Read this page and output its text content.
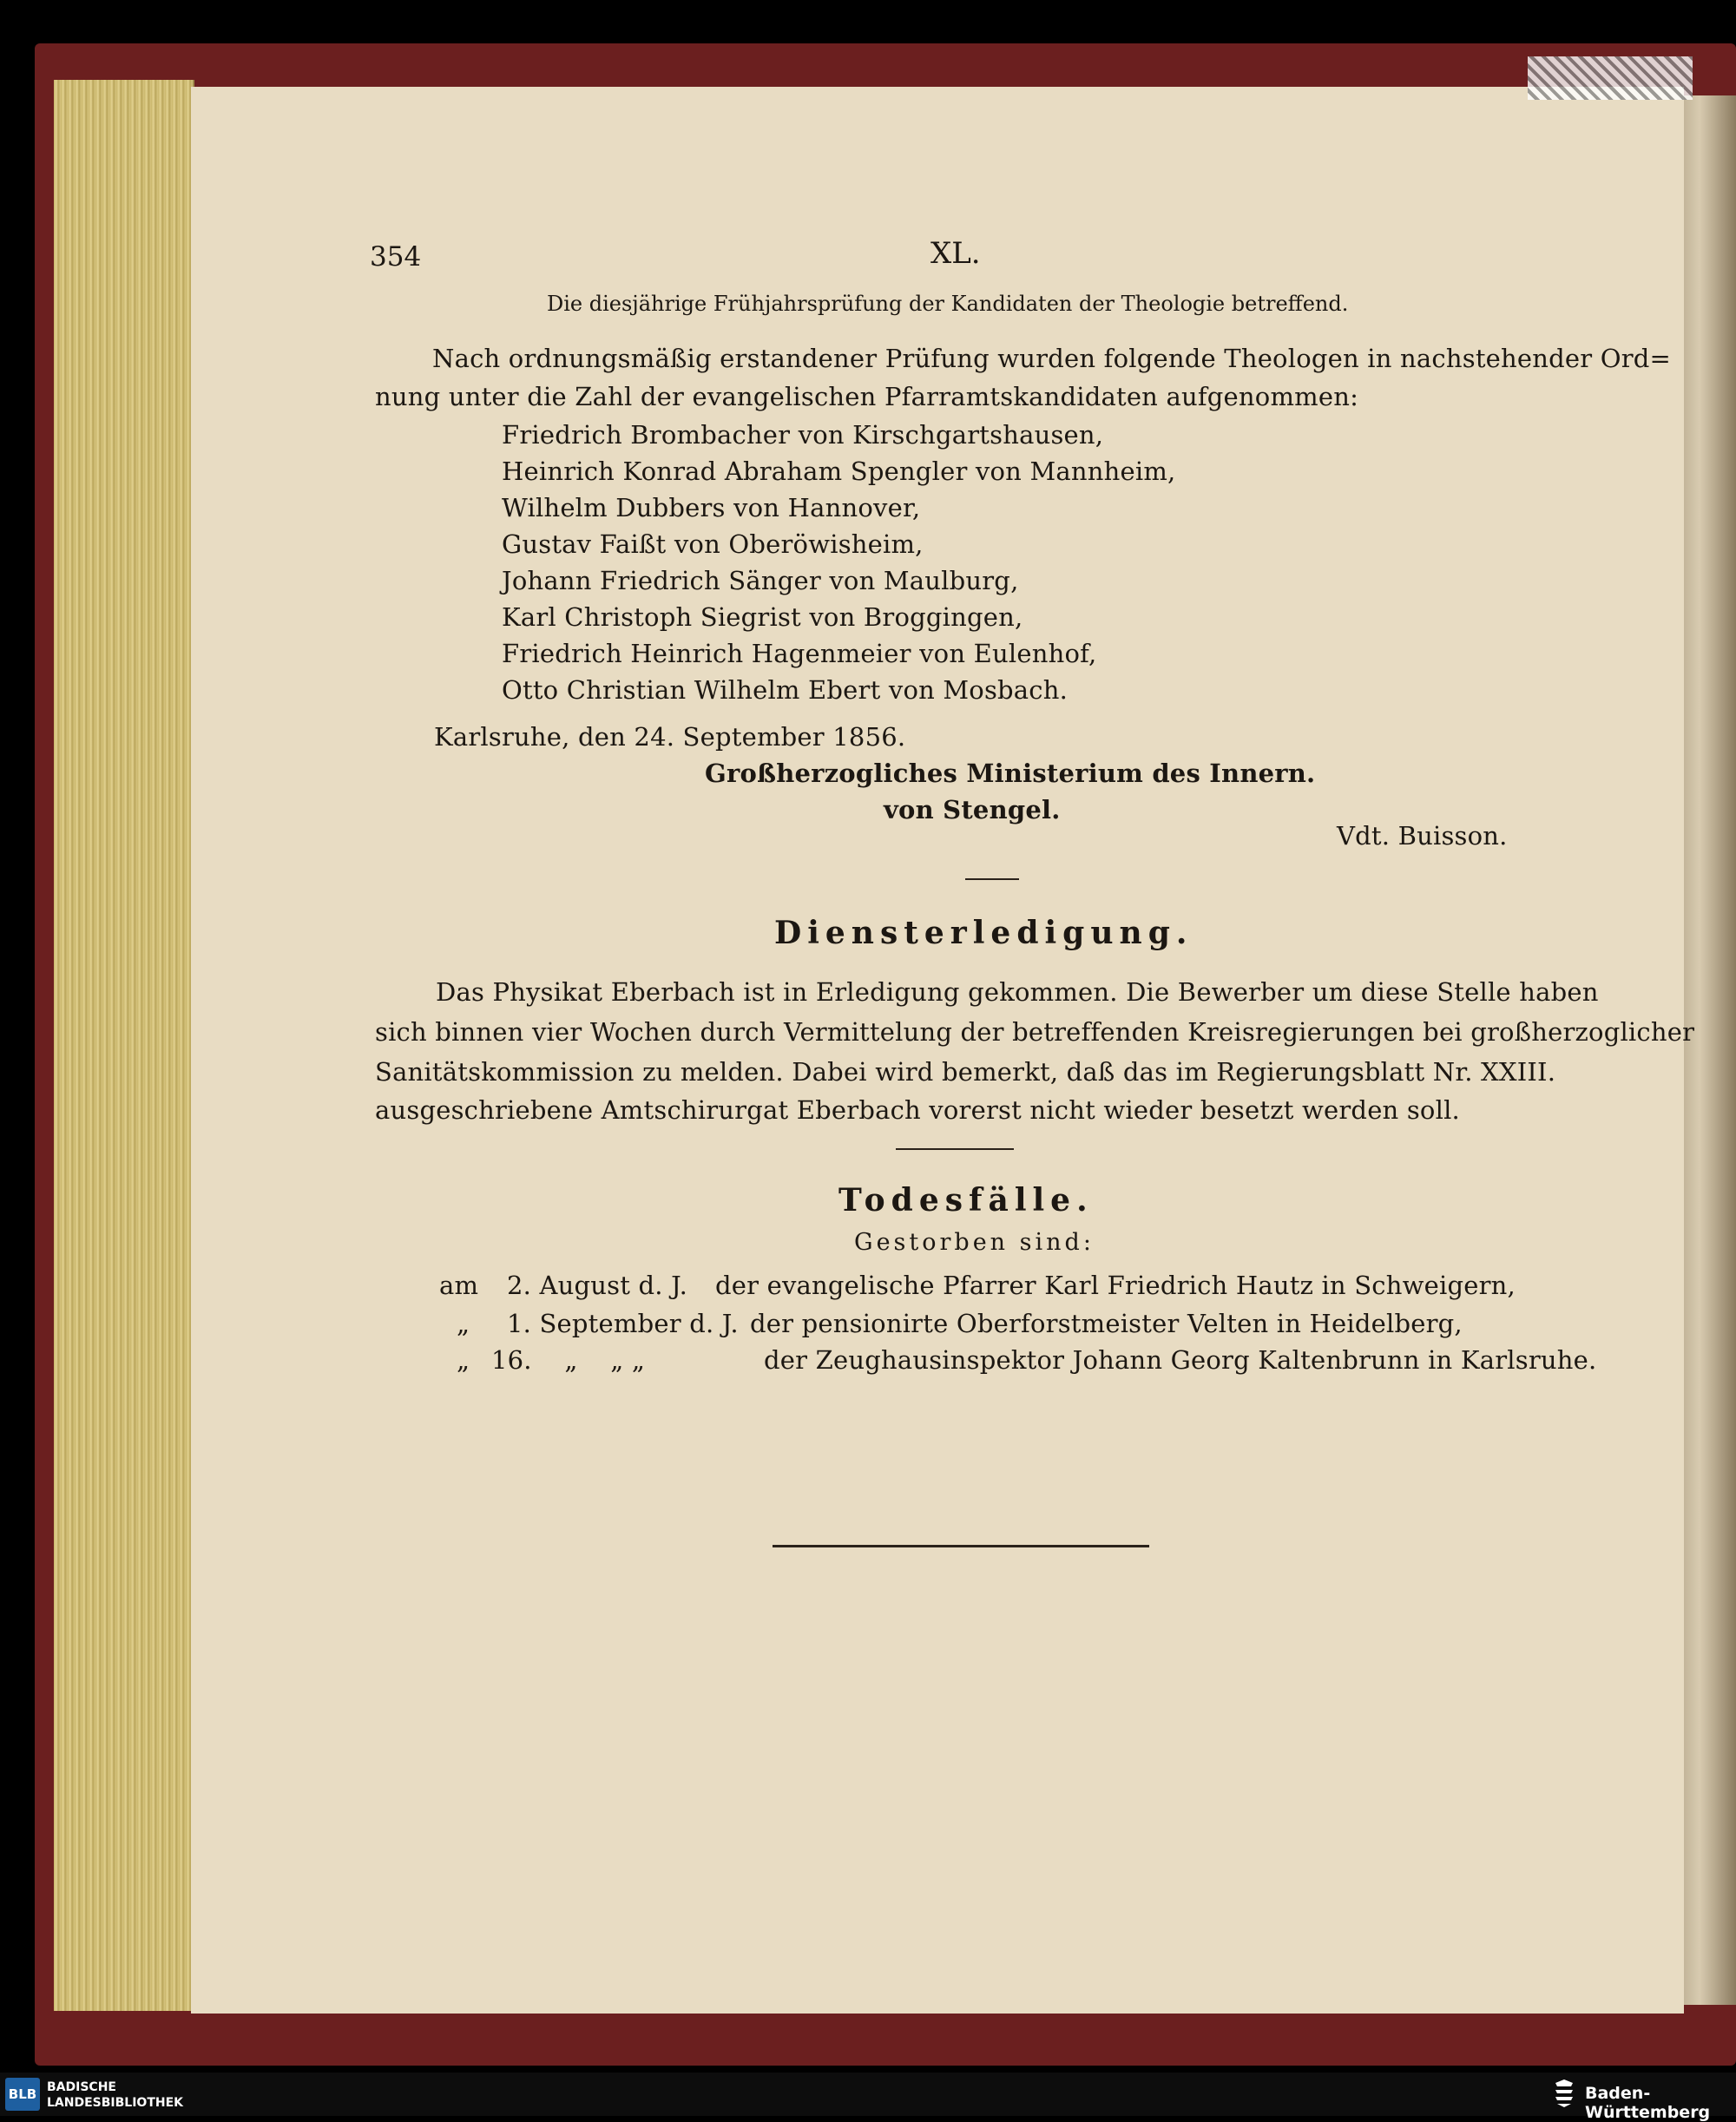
354	XL.
Die diesjährige Frühjahrsprüfung der Kandidaten der Theologie betreffend.
Nach ordnungsmäßig erstandener Prüfung wurden folgende Theologen in nachstehender Ord=
nung unter die Zahl der evangelischen Pfarramtskandidaten aufgenommen:
Friedrich Brombacher von Kirschgartshausen,
Heinrich Konrad Abraham Spengler von Mannheim,
Wilhelm Dubbers von Hannover,
Gustav Faißt von Oberöwisheim,
Johann Friedrich Sänger von Maulburg,
Karl Christoph Siegrist von Broggingen,
Friedrich Heinrich Hagenmeier von Eulenhof,
Otto Christian Wilhelm Ebert von Mosbach.
Karlsruhe, den 24. September 1856.
Großherzogliches Ministerium des Innern.
von Stengel.
Vdt. Buisson.
Diensterledigung.
Das Physikat Eberbach ist in Erledigung gekommen. Die Bewerber um diese Stelle haben
sich binnen vier Wochen durch Vermittelung der betreffenden Kreisregierungen bei großherzoglicher
Sanitätskommission zu melden. Dabei wird bemerkt, daß das im Regierungsblatt Nr. XXIII.
ausgeschriebene Amtschirurgat Eberbach vorerst nicht wieder besetzt werden soll.
Todesfälle.
Gestorben sind:
am 2. August d. J. der evangelische Pfarrer Karl Friedrich Hautz in Schweigern,
„ 1. September d. J. der pensionirte Oberforstmeister Velten in Heidelberg,
„ 16.    „    „ „	der Zeughausinspektor Johann Georg Kaltenbrunn in Karlsruhe.
BLB BADISCHE
LANDESBIBLIOTHEK	Baden-Württemberg
